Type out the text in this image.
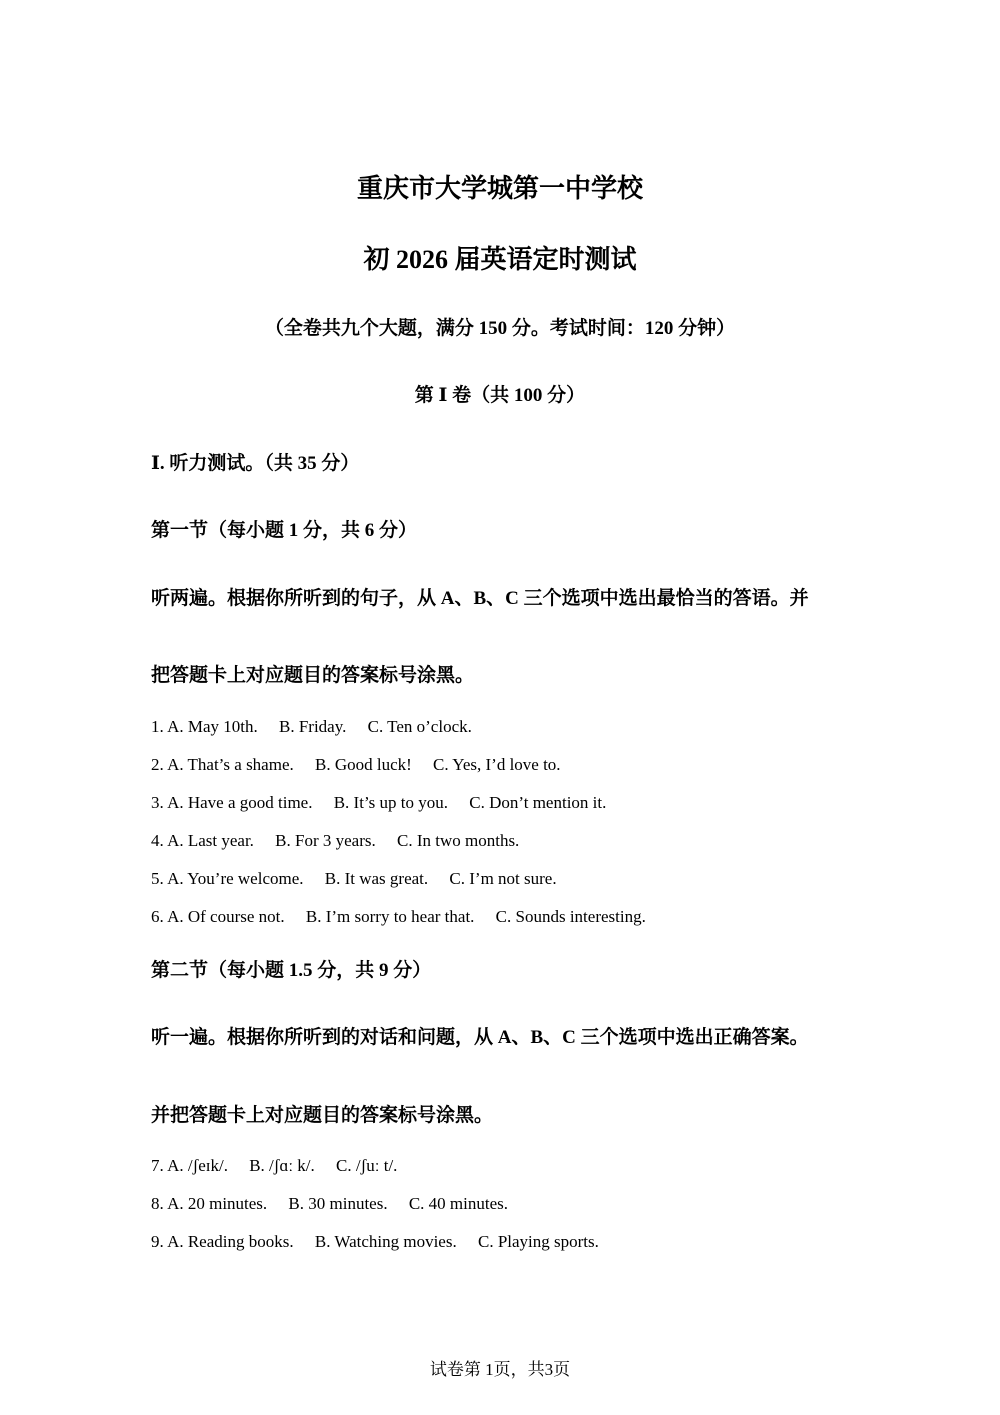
重庆市大学城第一中学校
初 2026 届英语定时测试
（全卷共九个大题，满分 150 分。考试时间：120 分钟）
第 Ⅰ 卷（共 100 分）
Ⅰ. 听力测试。（共 35 分）
第一节（每小题 1 分，共 6 分）
听两遍。根据你所听到的句子，从 A、B、C 三个选项中选出最恰当的答语。并
把答题卡上对应题目的答案标号涂黑。
1. A. May 10th. B. Friday. C. Ten o’clock.
2. A. That’s a shame. B. Good luck! C. Yes, I’d love to.
3. A. Have a good time. B. It’s up to you. C. Don’t mention it.
4. A. Last year. B. For 3 years. C. In two months.
5. A. You’re welcome. B. It was great. C. I’m not sure.
6. A. Of course not. B. I’m sorry to hear that. C. Sounds interesting.
第二节（每小题 1.5 分，共 9 分）
听一遍。根据你所听到的对话和问题，从 A、B、C 三个选项中选出正确答案。
并把答题卡上对应题目的答案标号涂黑。
7. A. /ʃeɪk/. B. /ʃɑː k/. C. /ʃuː t/.
8. A. 20 minutes. B. 30 minutes. C. 40 minutes.
9. A. Reading books. B. Watching movies. C. Playing sports.
试卷第 1页，共3页
